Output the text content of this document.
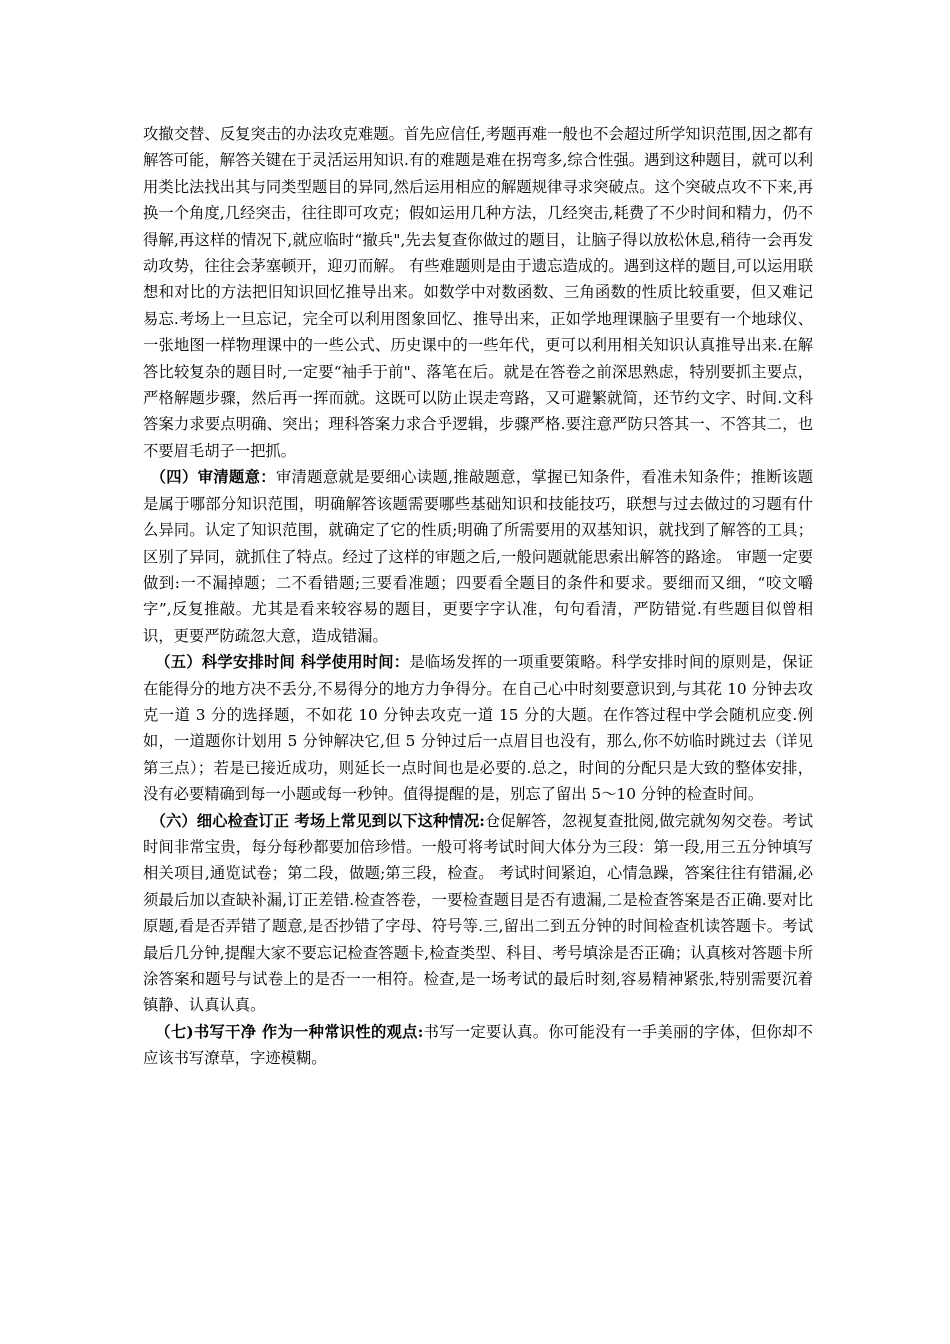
攻撤交替、反复突击的办法攻克难题。首先应信任,考题再难一般也不会超过所学知识范围,因之都有解答可能，解答关键在于灵活运用知识.有的难题是难在拐弯多,综合性强。遇到这种题目，就可以利用类比法找出其与同类型题目的异同,然后运用相应的解题规律寻求突破点。这个突破点攻不下来,再换一个角度,几经突击，往往即可攻克；假如运用几种方法，几经突击,耗费了不少时间和精力，仍不得解,再这样的情况下,就应临时“撤兵",先去复查你做过的题目，让脑子得以放松休息,稍待一会再发动攻势，往往会茅塞顿开，迎刃而解。 有些难题则是由于遗忘造成的。遇到这样的题目,可以运用联想和对比的方法把旧知识回忆推导出来。如数学中对数函数、三角函数的性质比较重要，但又难记易忘.考场上一旦忘记，完全可以利用图象回忆、推导出来，正如学地理课脑子里要有一个地球仪、一张地图一样物理课中的一些公式、历史课中的一些年代，更可以利用相关知识认真推导出来.在解答比较复杂的题目时,一定要“袖手于前"、落笔在后。就是在答卷之前深思熟虑，特别要抓主要点，严格解题步骤，然后再一挥而就。这既可以防止误走弯路，又可避繁就简，还节约文字、时间.文科答案力求要点明确、突出；理科答案力求合乎逻辑，步骤严格.要注意严防只答其一、不答其二，也不要眉毛胡子一把抓。

（四）审清题意：审清题意就是要细心读题,推敲题意，掌握已知条件，看准未知条件；推断该题是属于哪部分知识范围，明确解答该题需要哪些基础知识和技能技巧，联想与过去做过的习题有什么异同。认定了知识范围，就确定了它的性质;明确了所需要用的双基知识，就找到了解答的工具；区别了异同，就抓住了特点。经过了这样的审题之后,一般问题就能思索出解答的路途。 审题一定要做到:一不漏掉题；二不看错题;三要看准题；四要看全题目的条件和要求。要细而又细，“咬文嚼字”,反复推敲。尤其是看来较容易的题目，更要字字认准，句句看清，严防错觉.有些题目似曾相识，更要严防疏忽大意，造成错漏。

（五）科学安排时间 科学使用时间：是临场发挥的一项重要策略。科学安排时间的原则是，保证在能得分的地方决不丢分,不易得分的地方力争得分。在自己心中时刻要意识到,与其花 10 分钟去攻克一道 3 分的选择题，不如花 10 分钟去攻克一道 15 分的大题。在作答过程中学会随机应变.例如，一道题你计划用 5 分钟解决它,但 5 分钟过后一点眉目也没有，那么,你不妨临时跳过去（详见第三点）；若是已接近成功，则延长一点时间也是必要的.总之，时间的分配只是大致的整体安排，没有必要精确到每一小题或每一秒钟。值得提醒的是，别忘了留出 5～10 分钟的检查时间。

（六）细心检查订正 考场上常见到以下这种情况:仓促解答，忽视复查批阅,做完就匆匆交卷。考试时间非常宝贵，每分每秒都要加倍珍惜。一般可将考试时间大体分为三段：第一段,用三五分钟填写相关项目,通览试卷；第二段，做题;第三段，检查。 考试时间紧迫，心情急躁，答案往往有错漏,必须最后加以查缺补漏,订正差错.检查答卷，一要检查题目是否有遗漏,二是检查答案是否正确.要对比原题,看是否弄错了题意,是否抄错了字母、符号等.三,留出二到五分钟的时间检查机读答题卡。考试最后几分钟,提醒大家不要忘记检查答题卡,检查类型、科目、考号填涂是否正确；认真核对答题卡所涂答案和题号与试卷上的是否一一相符。检查,是一场考试的最后时刻,容易精神紧张,特别需要沉着镇静、认真认真。

（七)书写干净 作为一种常识性的观点:书写一定要认真。你可能没有一手美丽的字体，但你却不应该书写潦草，字迹模糊。
